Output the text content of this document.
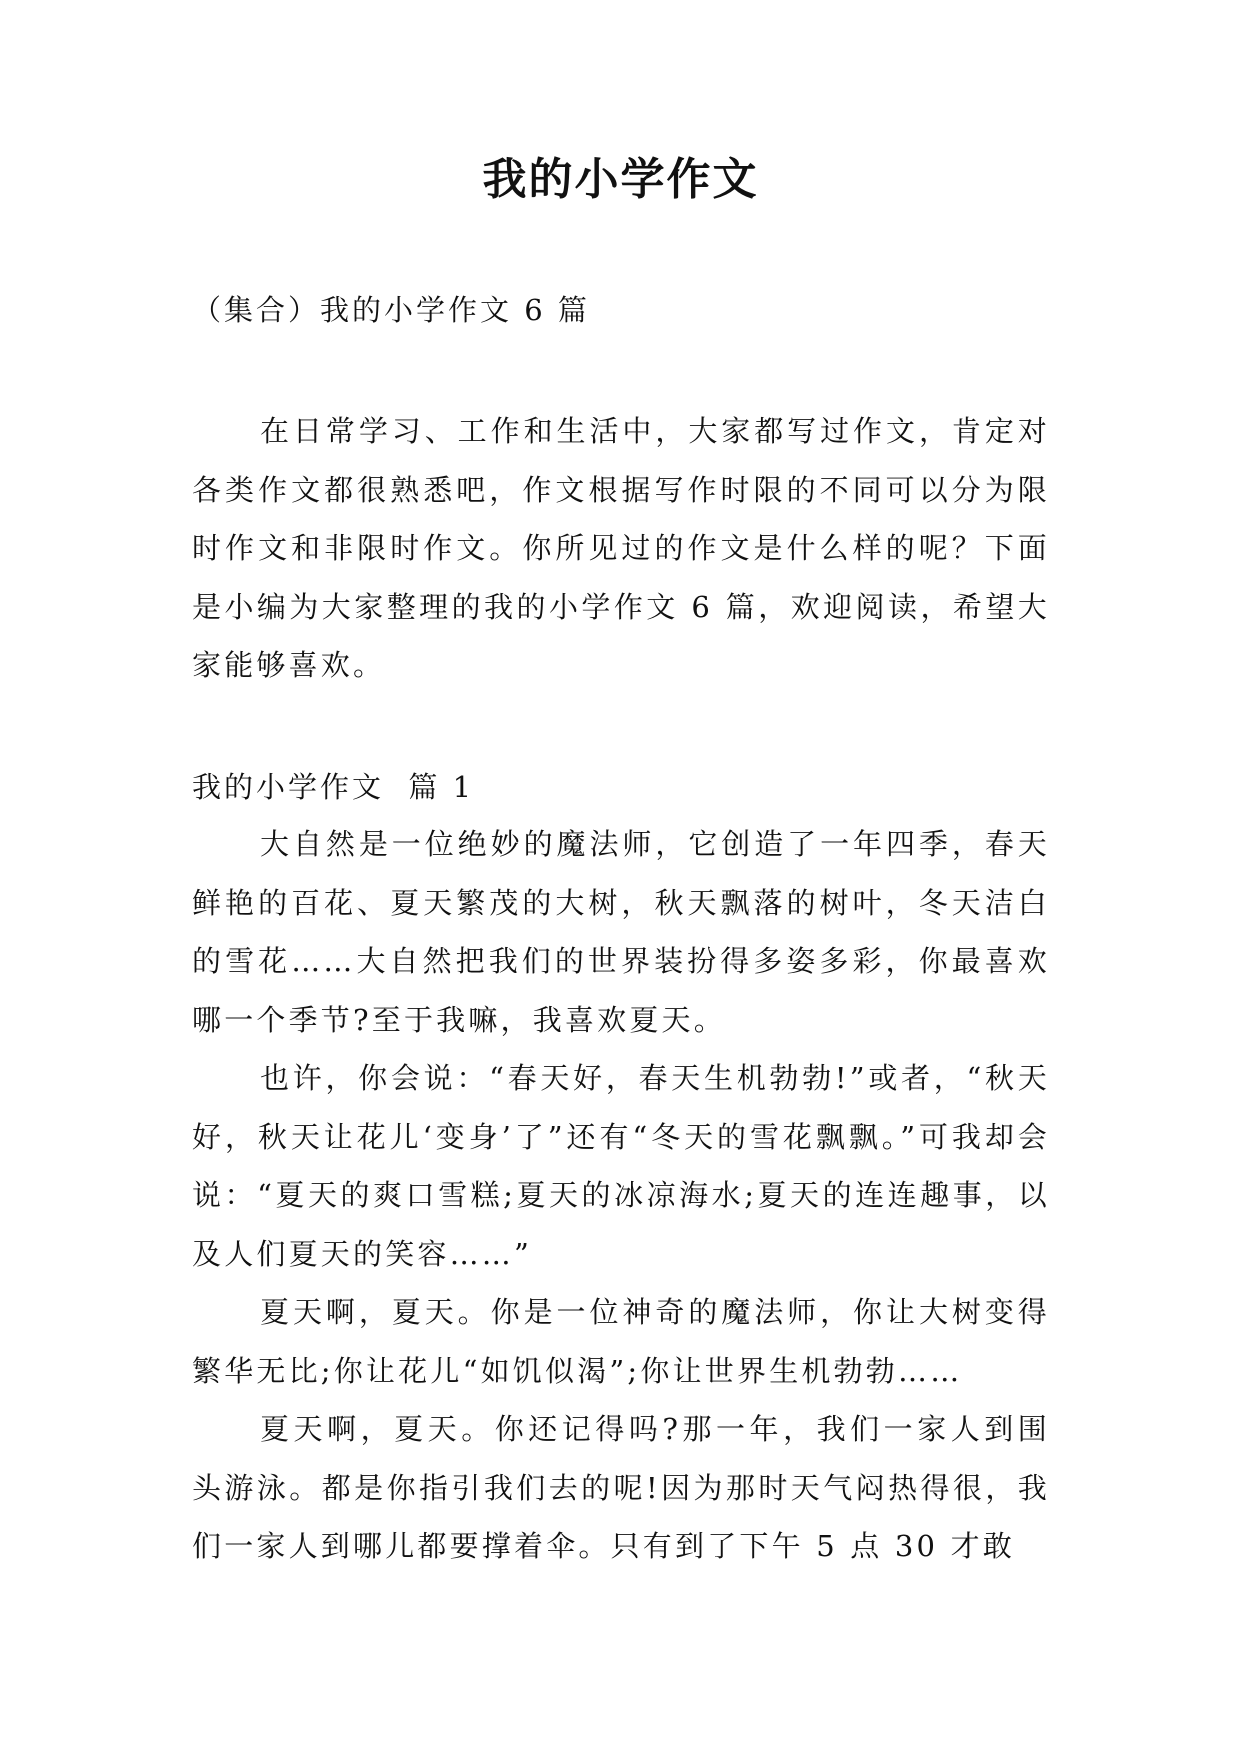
我的小学作文

（集合）我的小学作文 6 篇

在日常学习、工作和生活中，大家都写过作文，肯定对各类作文都很熟悉吧，作文根据写作时限的不同可以分为限时作文和非限时作文。你所见过的作文是什么样的呢？下面是小编为大家整理的我的小学作文 6 篇，欢迎阅读，希望大家能够喜欢。

我的小学作文  篇 1

大自然是一位绝妙的魔法师，它创造了一年四季，春天鲜艳的百花、夏天繁茂的大树，秋天飘落的树叶，冬天洁白的雪花……大自然把我们的世界装扮得多姿多彩，你最喜欢哪一个季节?至于我嘛，我喜欢夏天。

也许，你会说：“春天好，春天生机勃勃!”或者，“秋天好，秋天让花儿‘变身’了”还有“冬天的雪花飘飘。”可我却会说：“夏天的爽口雪糕;夏天的冰凉海水;夏天的连连趣事，以及人们夏天的笑容……”

夏天啊，夏天。你是一位神奇的魔法师，你让大树变得繁华无比;你让花儿“如饥似渴”;你让世界生机勃勃……

夏天啊，夏天。你还记得吗?那一年，我们一家人到围头游泳。都是你指引我们去的呢!因为那时天气闷热得很，我们一家人到哪儿都要撑着伞。只有到了下午 5 点 30 才敢
